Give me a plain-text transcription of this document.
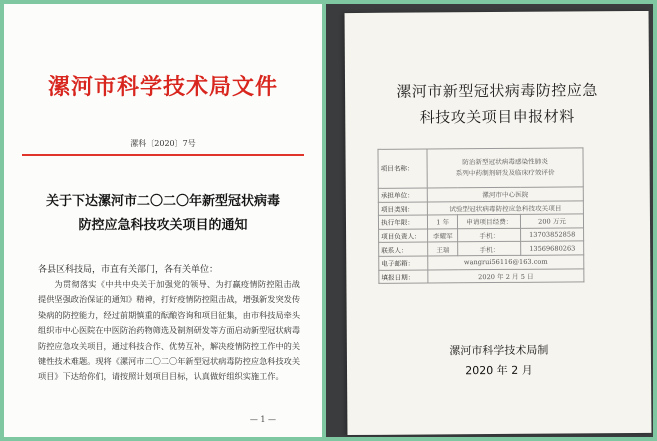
漯河市科学技术局文件
漯科〔2020〕7号
关于下达漯河市二〇二〇年新型冠状病毒
防控应急科技攻关项目的通知
各县区科技局，市直有关部门，各有关单位：
为贯彻落实《中共中央关于加强党的领导、为打赢疫情防控阻击战提供坚强政治保证的通知》精神，打好疫情防控阻击战，增强新发突发传染病的防控能力，经过前期慎重的酝酿咨询和项目征集，由市科技局牵头组织市中心医院在中医防治药物筛选及制剂研发等方面启动新型冠状病毒防控应急攻关项目，通过科技合作、优势互补，解决疫情防控工作中的关键性技术难题。现将《漯河市二〇二〇年新型冠状病毒防控应急科技攻关项目》下达给你们，请按照计划项目目标，认真做好组织实施工作。
— 1 —
漯河市新型冠状病毒防控应急
科技攻关项目申报材料
项目名称：	防治新型冠状病毒感染性肺炎
系列中药制剂研发及临床疗效评价		

承担单位：	漯河市中心医院		
项目类别：	试验型冠状病毒防控应急科技攻关项目		
执行年限：	1 年	申请项目经费：	200 万元
项目负责人：	李耀军	手机：	13703852858
联系人：	王瑞	手机：	13569680263
电子邮箱：	wangrui56116@163.com		
填报日期：	2020 年 2 月 5 日		
漯河市科学技术局制
2020 年 2 月
